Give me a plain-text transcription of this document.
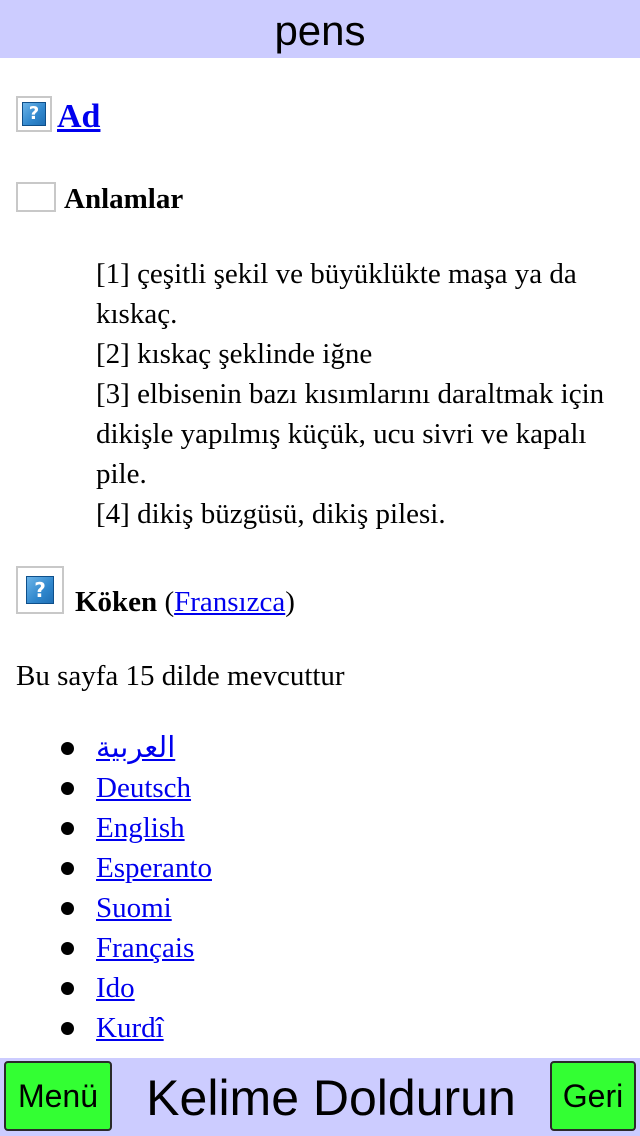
pens
? Ad
Anlamlar
[1] çeşitli şekil ve büyüklükte maşa ya da kıskaç.
[2] kıskaç şeklinde iğne
[3] elbisenin bazı kısımlarını daraltmak için dikişle yapılmış küçük, ucu sivri ve kapalı pile.
[4] dikiş büzgüsü, dikiş pilesi.
? Köken (Fransızca)
Bu sayfa 15 dilde mevcuttur
العربية
Deutsch
English
Esperanto
Suomi
Français
Ido
Kurdî
Menü Kelime Doldurun	Geri
